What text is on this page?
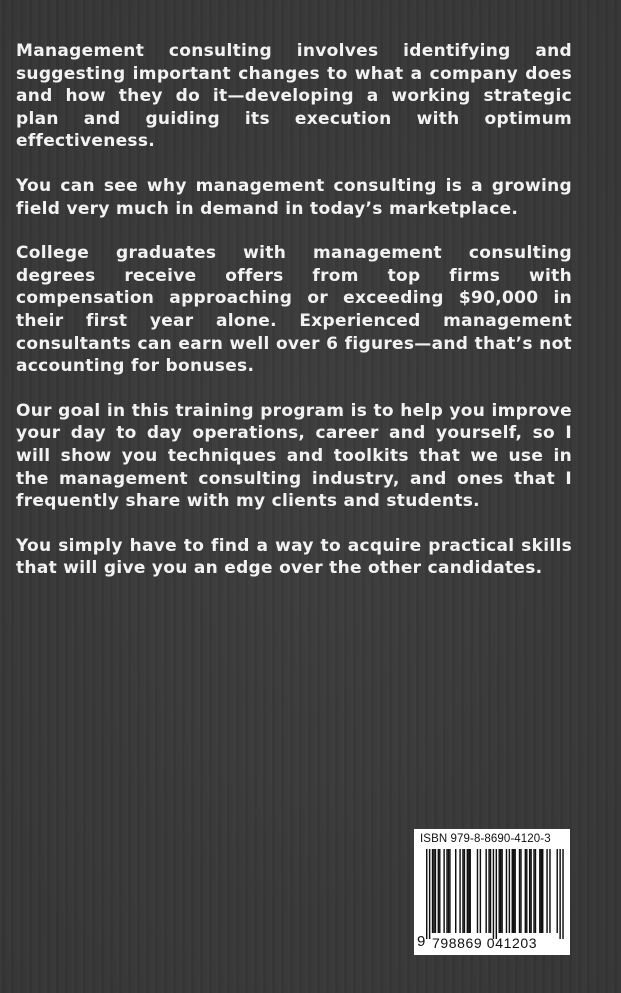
Management consulting involves identifying and suggesting important changes to what a company does and how they do it—developing a working strategic plan and guiding its execution with optimum effectiveness.

You can see why management consulting is a growing field very much in demand in today’s marketplace.

College graduates with management consulting degrees receive offers from top firms with compensation approaching or exceeding $90,000 in their first year alone. Experienced management consultants can earn well over 6 figures—and that’s not accounting for bonuses.

Our goal in this training program is to help you improve your day to day operations, career and yourself, so I will show you techniques and toolkits that we use in the management consulting industry, and ones that I frequently share with my clients and students.

You simply have to find a way to acquire practical skills that will give you an edge over the other candidates.

ISBN 979-8-8690-4120-3
9 798869 041203
